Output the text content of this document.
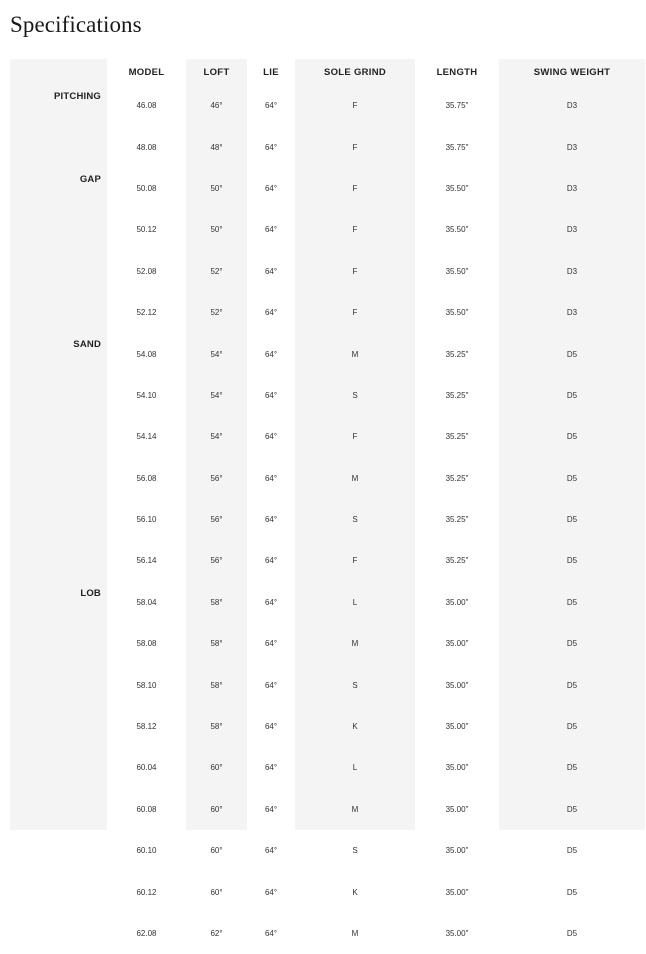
Specifications
	MODEL	LOFT	LIE	SOLE GRIND	LENGTH	SWING WEIGHT
PITCHING	46.08	46°	64°	F	35.75"	D3
	48.08	48°	64°	F	35.75"	D3
GAP	50.08	50°	64°	F	35.50"	D3
	50.12	50°	64°	F	35.50"	D3
	52.08	52°	64°	F	35.50"	D3
	52.12	52°	64°	F	35.50"	D3
SAND	54.08	54°	64°	M	35.25"	D5
	54.10	54°	64°	S	35.25"	D5
	54.14	54°	64°	F	35.25"	D5
	56.08	56°	64°	M	35.25"	D5
	56.10	56°	64°	S	35.25"	D5
	56.14	56°	64°	F	35.25"	D5
LOB	58.04	58°	64°	L	35.00"	D5
	58.08	58°	64°	M	35.00"	D5
	58.10	58°	64°	S	35.00"	D5
	58.12	58°	64°	K	35.00"	D5
	60.04	60°	64°	L	35.00"	D5
	60.08	60°	64°	M	35.00"	D5
	60.10	60°	64°	S	35.00"	D5
	60.12	60°	64°	K	35.00"	D5
	62.08	62°	64°	M	35.00"	D5
